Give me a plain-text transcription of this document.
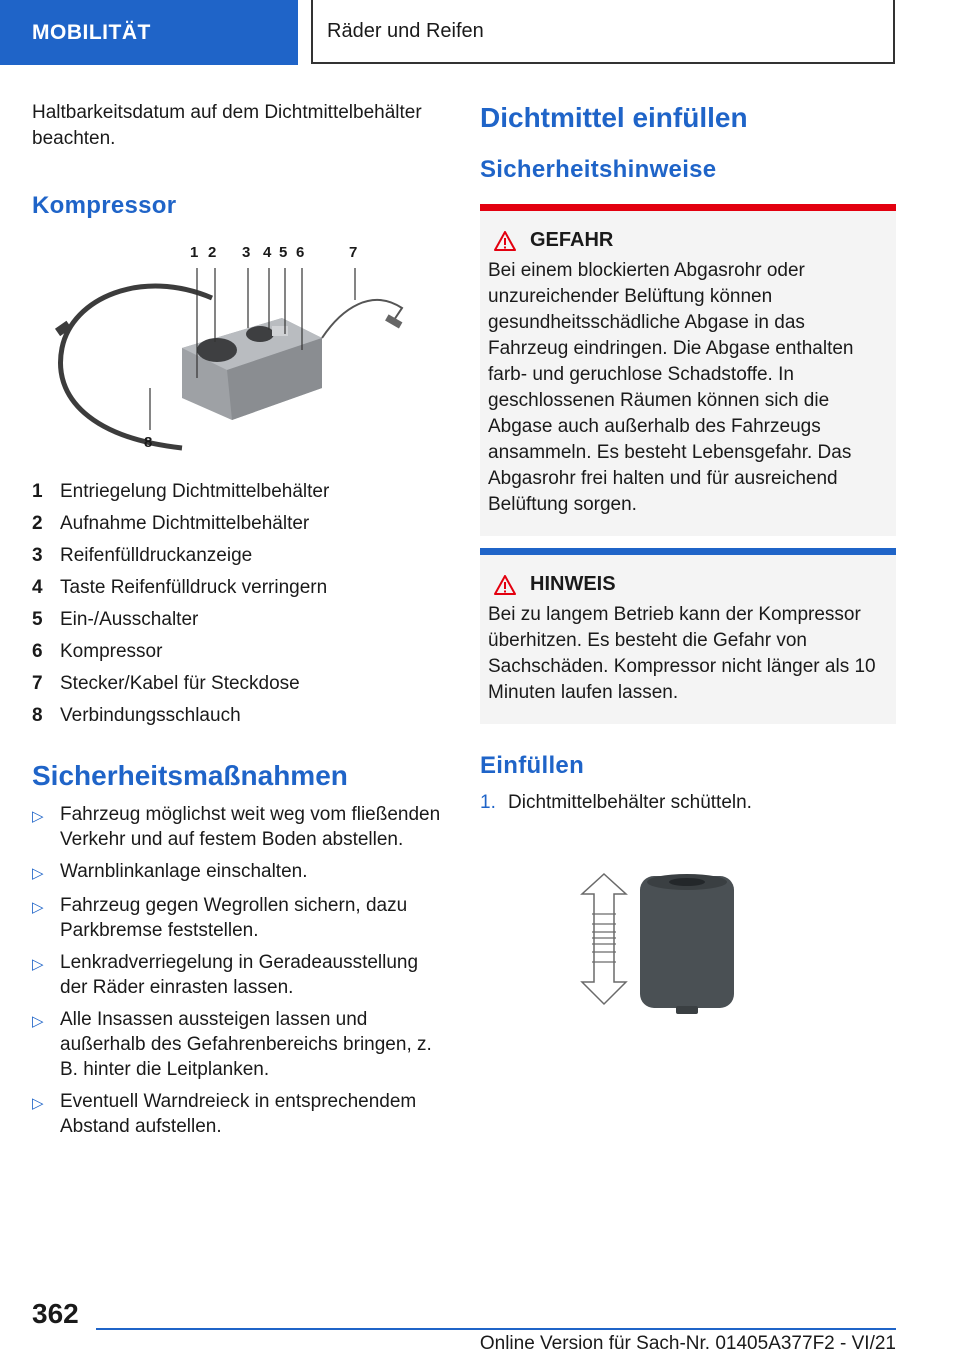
MOBILITÄT	Räder und Reifen

Haltbarkeitsdatum auf dem Dichtmittelbehälter beachten.

Kompressor
1 2 3 4 5 6	7
8
1 Entriegelung Dichtmittelbehälter
2 Aufnahme Dichtmittelbehälter
3 Reifenfülldruckanzeige
4 Taste Reifenfülldruck verringern
5 Ein-/Ausschalter
6 Kompressor
7 Stecker/Kabel für Steckdose
8 Verbindungsschlauch
Sicherheitsmaßnahmen
▷ Fahrzeug möglichst weit weg vom fließenden Verkehr und auf festem Boden abstellen.
▷ Warnblinkanlage einschalten.
▷ Fahrzeug gegen Wegrollen sichern, dazu Parkbremse feststellen.
▷ Lenkradverriegelung in Geradeausstellung der Räder einrasten lassen.
▷ Alle Insassen aussteigen lassen und außerhalb des Gefahrenbereichs bringen, z. B. hinter die Leitplanken.
▷ Eventuell Warndreieck in entsprechendem Abstand aufstellen.
Dichtmittel einfüllen
Sicherheitshinweise
GEFAHR

Bei einem blockierten Abgasrohr oder unzureichender Belüftung können gesundheitsschädliche Abgase in das Fahrzeug eindringen. Die Abgase enthalten farb- und geruchlose Schadstoffe. In geschlossenen Räumen können sich die Abgase auch außerhalb des Fahrzeugs ansammeln. Es besteht Lebensgefahr. Das Abgasrohr frei halten und für ausreichend Belüftung sorgen.

HINWEIS

Bei zu langem Betrieb kann der Kompressor überhitzen. Es besteht die Gefahr von Sachschäden. Kompressor nicht länger als 10 Minuten laufen lassen.

Einfüllen
1. Dichtmittelbehälter schütteln.
362
Online Version für Sach-Nr. 01405A377F2 - VI/21
